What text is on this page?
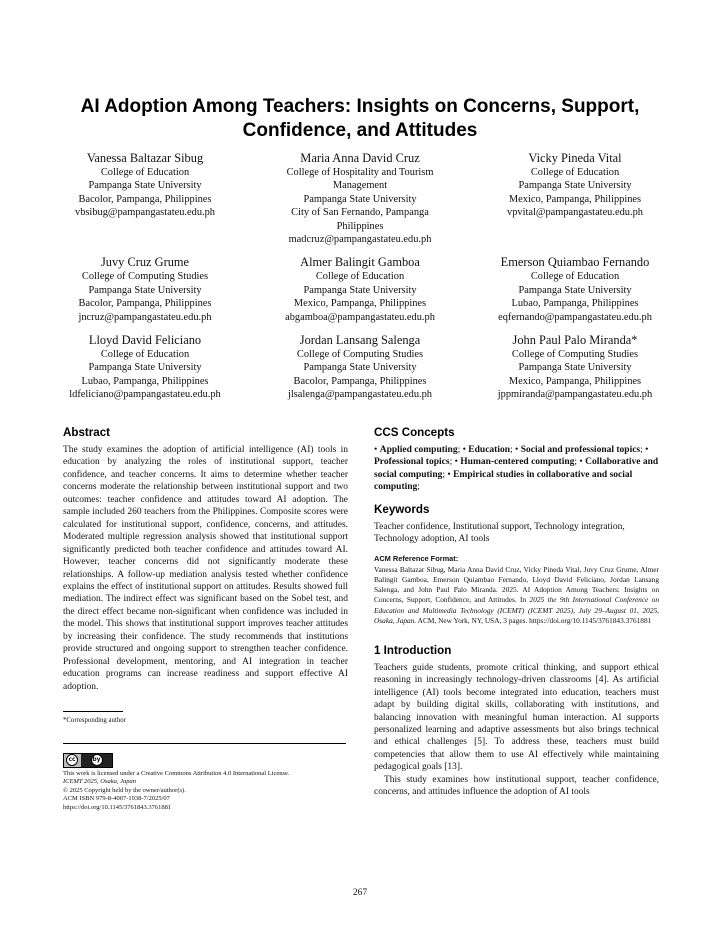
AI Adoption Among Teachers: Insights on Concerns, Support, Confidence, and Attitudes
Vanessa Baltazar Sibug
College of Education
Pampanga State University
Bacolor, Pampanga, Philippines
vbsibug@pampangastateu.edu.ph
Maria Anna David Cruz
College of Hospitality and Tourism
Management
Pampanga State University
City of San Fernando, Pampanga
Philippines
madcruz@pampangastateu.edu.ph
Vicky Pineda Vital
College of Education
Pampanga State University
Mexico, Pampanga, Philippines
vpvital@pampangastateu.edu.ph
Juvy Cruz Grume
College of Computing Studies
Pampanga State University
Bacolor, Pampanga, Philippines
jncruz@pampangastateu.edu.ph
Almer Balingit Gamboa
College of Education
Pampanga State University
Mexico, Pampanga, Philippines
abgamboa@pampangastateu.edu.ph
Emerson Quiambao Fernando
College of Education
Pampanga State University
Lubao, Pampanga, Philippines
eqfernando@pampangastateu.edu.ph
Lloyd David Feliciano
College of Education
Pampanga State University
Lubao, Pampanga, Philippines
ldfeliciano@pampangastateu.edu.ph
Jordan Lansang Salenga
College of Computing Studies
Pampanga State University
Bacolor, Pampanga, Philippines
jlsalenga@pampangastateu.edu.ph
John Paul Palo Miranda*
College of Computing Studies
Pampanga State University
Mexico, Pampanga, Philippines
jppmiranda@pampangastateu.edu.ph
Abstract

The study examines the adoption of artificial intelligence (AI) tools in education by analyzing the roles of institutional support, teacher confidence, and teacher concerns. It aims to determine whether teacher concerns moderate the relationship between institutional support and two outcomes: teacher confidence and attitudes toward AI adoption. The sample included 260 teachers from the Philippines. Composite scores were calculated for institutional support, confidence, concerns, and attitudes. Moderated multiple regression analysis showed that institutional support significantly predicted both teacher confidence and attitudes toward AI. However, teacher concerns did not significantly moderate these relationships. A follow-up mediation analysis tested whether confidence explains the effect of institutional support on attitudes. Results showed full mediation. The indirect effect was significant based on the Sobel test, and the direct effect became non-significant when confidence was included in the model. This shows that institutional support improves teacher attitudes by increasing their confidence. The study recommends that institutions provide structured and ongoing support to strengthen teacher confidence. Professional development, mentoring, and AI integration in teacher education programs can increase readiness and support effective AI adoption.

*Corresponding author

cc	by

This work is licensed under a Creative Commons Attribution 4.0 International License.
ICEMT 2025, Osaka, Japan
© 2025 Copyright held by the owner/author(s).
ACM ISBN 979-8-4007-1938-7/2025/07
https://doi.org/10.1145/3761843.3761881

CCS Concepts

• Applied computing; • Education; • Social and professional topics; • Professional topics; • Human-centered computing; • Collaborative and social computing; • Empirical studies in collaborative and social computing;

Keywords

Teacher confidence, Institutional support, Technology integration, Technology adoption, AI tools

ACM Reference Format:

Vanessa Baltazar Sibug, Maria Anna David Cruz, Vicky Pineda Vital, Juvy Cruz Grume, Almer Balingit Gamboa, Emerson Quiambao Fernando, Lloyd David Feliciano, Jordan Lansang Salenga, and John Paul Palo Miranda. 2025. AI Adoption Among Teachers: Insights on Concerns, Support, Confidence, and Attitudes. In 2025 the 9th International Conference on Education and Multimedia Technology (ICEMT) (ICEMT 2025), July 29–August 01, 2025, Osaka, Japan. ACM, New York, NY, USA, 3 pages. https://doi.org/10.1145/3761843.3761881

1 Introduction

Teachers guide students, promote critical thinking, and support ethical reasoning in increasingly technology-driven classrooms [4]. As artificial intelligence (AI) tools become integrated into education, teachers must adapt by building digital skills, collaborating with institutions, and balancing innovation with meaningful human interaction. AI supports personalized learning and adaptive assessments but also brings technical and ethical challenges [5]. To address these, teachers must build competencies that allow them to use AI effectively while maintaining pedagogical goals [13].

This study examines how institutional support, teacher confidence, concerns, and attitudes influence the adoption of AI tools

267
